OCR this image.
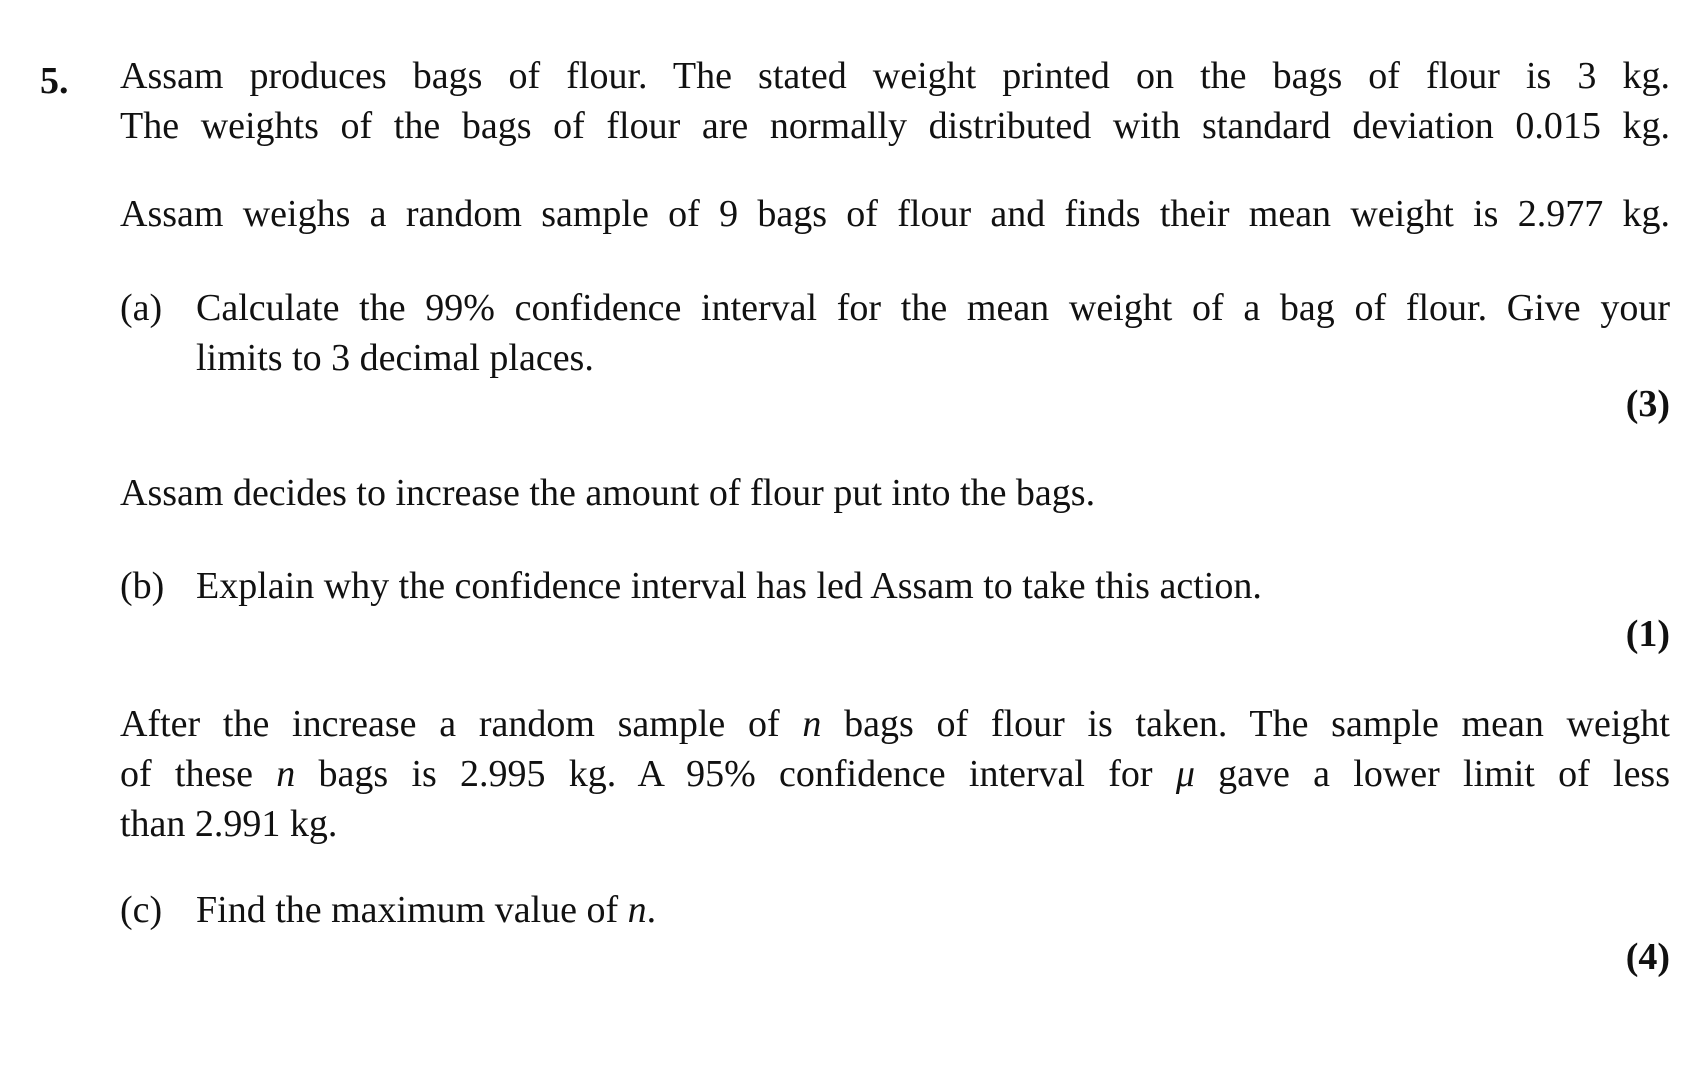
5. Assam produces bags of flour. The stated weight printed on the bags of flour is 3 kg.
The weights of the bags of flour are normally distributed with standard deviation 0.015 kg.
Assam weighs a random sample of 9 bags of flour and finds their mean weight is 2.977 kg.
(a) Calculate the 99% confidence interval for the mean weight of a bag of flour. Give your
limits to 3 decimal places.
(3)
Assam decides to increase the amount of flour put into the bags.
(b) Explain why the confidence interval has led Assam to take this action.
(1)
After the increase a random sample of n bags of flour is taken. The sample mean weight
of these n bags is 2.995 kg. A 95% confidence interval for μ gave a lower limit of less
than 2.991 kg.
(c) Find the maximum value of n.
(4)
